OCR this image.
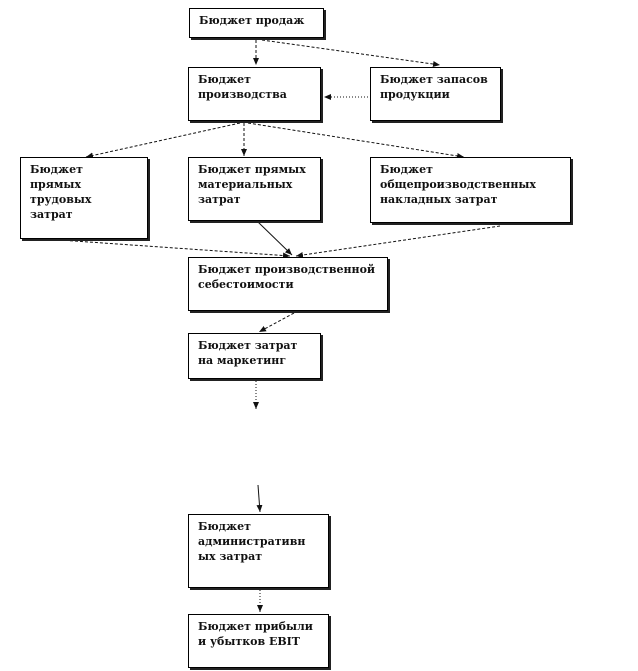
Бюджет продаж
Бюджет
производства
Бюджет запасов
продукции
Бюджет
прямых
трудовых
затрат
Бюджет прямых
материальных
затрат
Бюджет
общепроизводственных
накладных затрат
Бюджет производственной
себестоимости
Бюджет затрат
на маркетинг
Бюджет
административн
ых затрат
Бюджет прибыли
и убытков EBIT
